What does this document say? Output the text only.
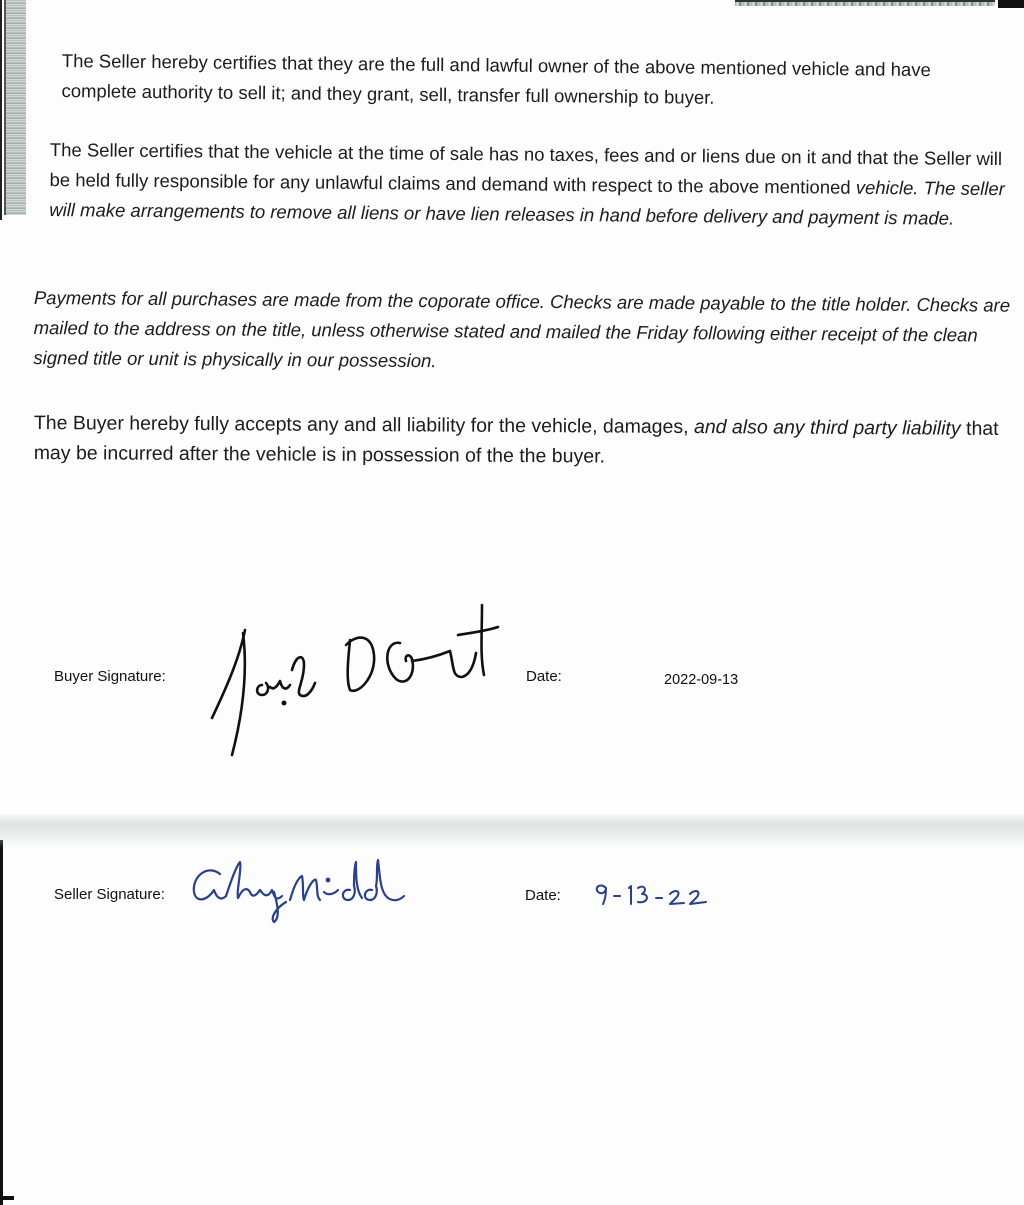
The Seller hereby certifies that they are the full and lawful owner of the above mentioned vehicle and have complete authority to sell it; and they grant, sell, transfer full ownership to buyer.

The Seller certifies that the vehicle at the time of sale has no taxes, fees and or liens due on it and that the Seller will be held fully responsible for any unlawful claims and demand with respect to the above mentioned vehicle. The seller will make arrangements to remove all liens or have lien releases in hand before delivery and payment is made.

Payments for all purchases are made from the coporate office. Checks are made payable to the title holder. Checks are mailed to the address on the title, unless otherwise stated and mailed the Friday following either receipt of the clean signed title or unit is physically in our possession.

The Buyer hereby fully accepts any and all liability for the vehicle, damages, and also any third party liability that may be incurred after the vehicle is in possession of the the buyer.

Buyer Signature:	Date:	2022-09-13

Seller Signature:	Date:
